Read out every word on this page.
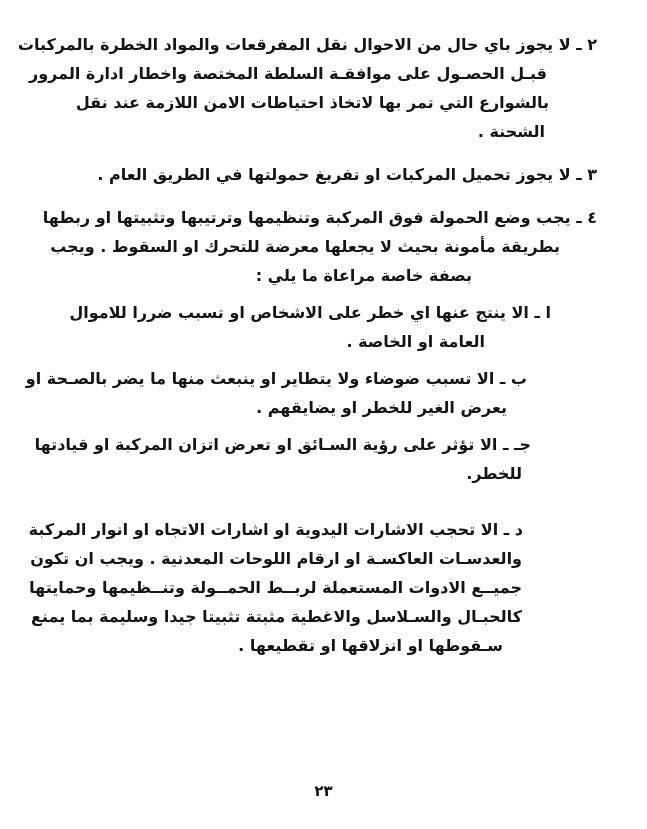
٢ ـ لا يجوز باي حال من الاحوال نقل المفرقعات والمواد الخطرة بالمركبات
قبـل الحصـول على موافقـة السلطة المختصة واخطار ادارة المرور
بالشوارع التي تمر بها لاتخاذ احتياطات الامن اللازمة عند نقل
الشحنة .
٣ ـ لا يجوز تحميل المركبات او تفريغ حمولتها في الطريق العام .
٤ ـ يجب وضع الحمولة فوق المركبة وتنظيمها وترتيبها وتثبيتها او ربطها
بطريقة مأمونة بحيث لا يجعلها معرضة للتحرك او السقوط . ويجب
بصفة خاصة مراعاة ما يلي :
ا ـ الا ينتج عنها اي خطر على الاشخاص او تسبب ضررا للاموال
العامة او الخاصة .
ب ـ الا تسبب ضوضاء ولا يتطاير او ينبعث منها ما يضر بالصـحة او
يعرض الغير للخطر او يضايقهم .
جـ ـ الا تؤثر على رؤية السـائق او تعرض اتزان المركبة او قيادتها
للخطر.
د ـ الا تحجب الاشارات اليدوية او اشارات الاتجاه او انوار المركبة
والعدسـات العاكسـة او ارقام اللوحات المعدنية . ويجب ان تكون
جميــع الادوات المستعملة لربــط الحمــولة وتنــظيمها وحمايتها
كالحبـال والسـلاسل والاغطية مثبتة تثبيتا جيدا وسليمة بما يمنع
سـقوطها او انزلاقها او تقطيعها .
٢٣
